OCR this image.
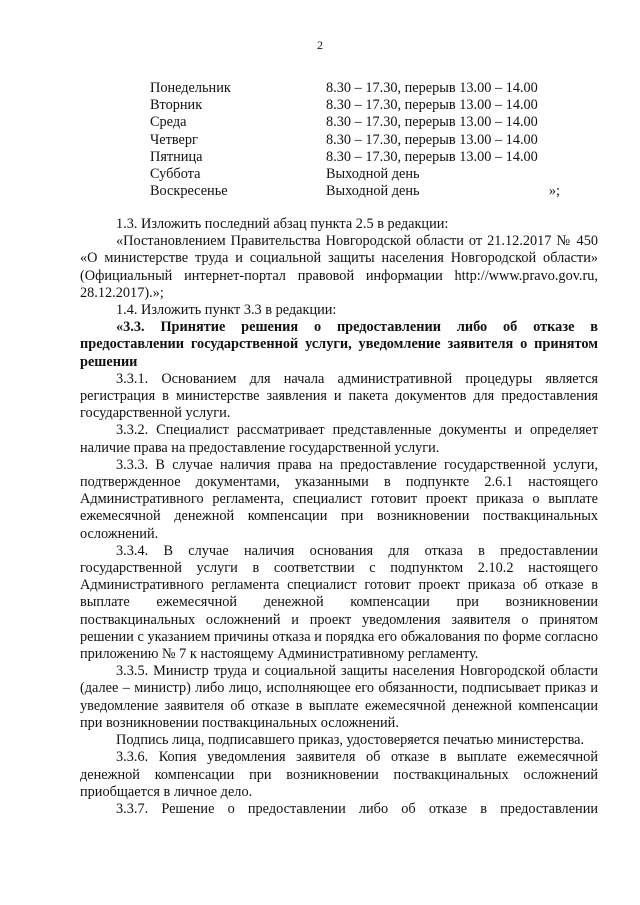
2
Понедельник	8.30 – 17.30, перерыв 13.00 – 14.00
Вторник	8.30 – 17.30, перерыв 13.00 – 14.00
Среда	8.30 – 17.30, перерыв 13.00 – 14.00
Четверг	8.30 – 17.30, перерыв 13.00 – 14.00
Пятница	8.30 – 17.30, перерыв 13.00 – 14.00
Суббота	Выходной день
Воскресенье	Выходной день	»;

1.3. Изложить последний абзац пункта 2.5 в редакции:

«Постановлением Правительства Новгородской области от 21.12.2017 № 450 «О министерстве труда и социальной защиты населения Новгородской области» (Официальный интернет-портал правовой информации http://www.pravo.gov.ru, 28.12.2017).»;

1.4. Изложить пункт 3.3 в редакции:

«3.3. Принятие решения о предоставлении либо об отказе в предоставлении государственной услуги, уведомление заявителя о принятом решении

3.3.1. Основанием для начала административной процедуры является регистрация в министерстве заявления и пакета документов для предоставления государственной услуги.

3.3.2. Специалист рассматривает представленные документы и определяет наличие права на предоставление государственной услуги.

3.3.3. В случае наличия права на предоставление государственной услуги, подтвержденное документами, указанными в подпункте 2.6.1 настоящего Административного регламента, специалист готовит проект приказа о выплате ежемесячной денежной компенсации при возникновении поствакцинальных осложнений.

3.3.4. В случае наличия основания для отказа в предоставлении государственной услуги в соответствии с подпунктом 2.10.2 настоящего Административного регламента специалист готовит проект приказа об отказе в выплате ежемесячной денежной компенсации при возникновении поствакцинальных осложнений и проект уведомления заявителя о принятом решении с указанием причины отказа и порядка его обжалования по форме согласно приложению № 7 к настоящему Административному регламенту.

3.3.5. Министр труда и социальной защиты населения Новгородской области (далее – министр) либо лицо, исполняющее его обязанности, подписывает приказ и уведомление заявителя об отказе в выплате ежемесячной денежной компенсации при возникновении поствакцинальных осложнений.

Подпись лица, подписавшего приказ, удостоверяется печатью министерства.

3.3.6. Копия уведомления заявителя об отказе в выплате ежемесячной денежной компенсации при возникновении поствакцинальных осложнений приобщается в личное дело.

3.3.7. Решение о предоставлении либо об отказе в предоставлении
